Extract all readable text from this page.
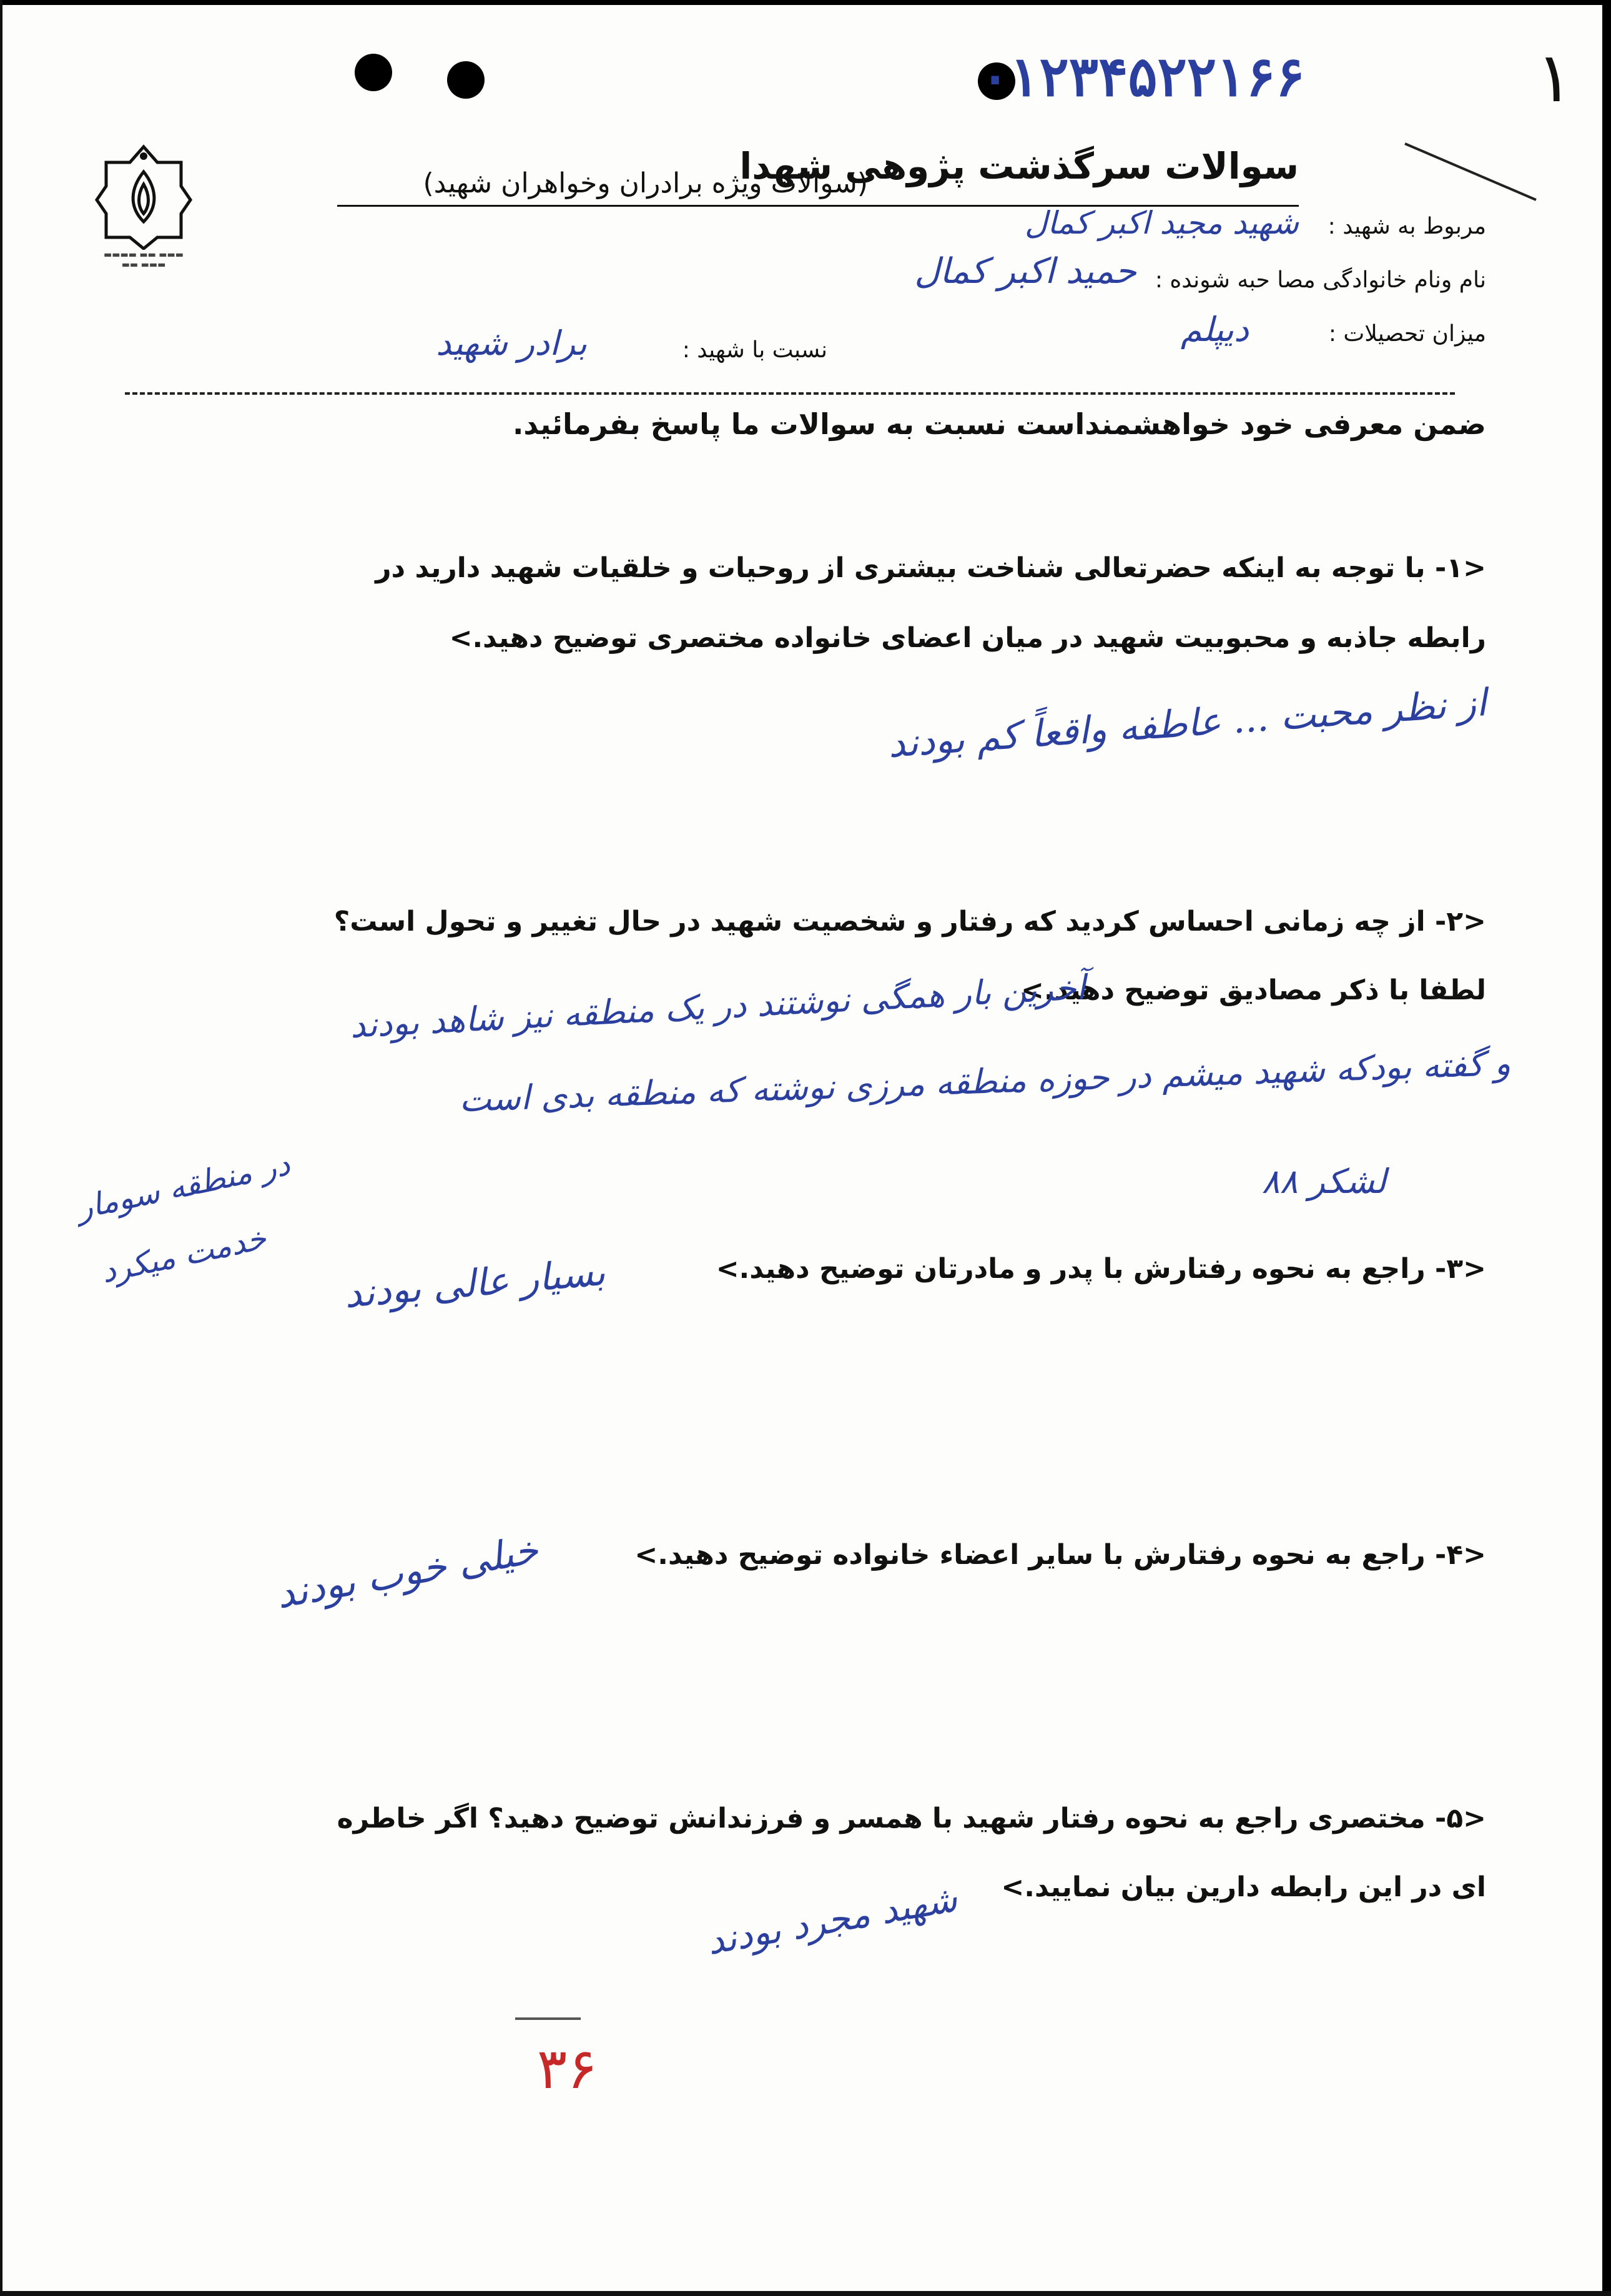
۰۱۲۳۴۵۲۲۱۶۶	۱
▬▬▬ ▬▬ ▬▬▬▬
▬▬▬ ▬▬
سوالات سرگذشت پژوهی شهدا
(سوالات ویژه برادران وخواهران شهید)
مربوط به شهید :
شهید مجید اکبر کمال
نام ونام خانوادگی مصا حبه شونده :
حمید اکبر کمال
میزان تحصیلات :
دیپلم
نسبت با شهید :
برادر شهید
ضمن معرفی خود خواهشمنداست نسبت به سوالات ما پاسخ بفرمائید.
<۱- با توجه به اینکه حضرتعالی شناخت بیشتری از روحیات و خلقیات شهید دارید در
رابطه جاذبه و محبوبیت شهید در میان اعضای خانواده مختصری توضیح دهید.>
از نظر محبت ... عاطفه واقعاً کم بودند
<۲- از چه زمانی احساس کردید که رفتار و شخصیت شهید در حال تغییر و تحول است؟
لطفا با ذکر مصادیق توضیح دهید.>
آخرین بار همگی نوشتند در یک منطقه نیز شاهد بودند
و گفته بودکه شهید میشم در حوزه منطقه مرزی نوشته که منطقه بدی است
لشکر ۸۸
در منطقه سومار
خدمت میکرد	<۳- راجع به نحوه رفتارش با پدر و مادرتان توضیح دهید.>
بسیار عالی بودند
<۴- راجع به نحوه رفتارش با سایر اعضاء خانواده توضیح دهید.>
خیلی خوب بودند
<۵- مختصری راجع به نحوه رفتار شهید با همسر و فرزندانش توضیح دهید؟ اگر خاطره
ای در این رابطه دارین بیان نمایید.>
شهید مجرد بودند
۳۶
